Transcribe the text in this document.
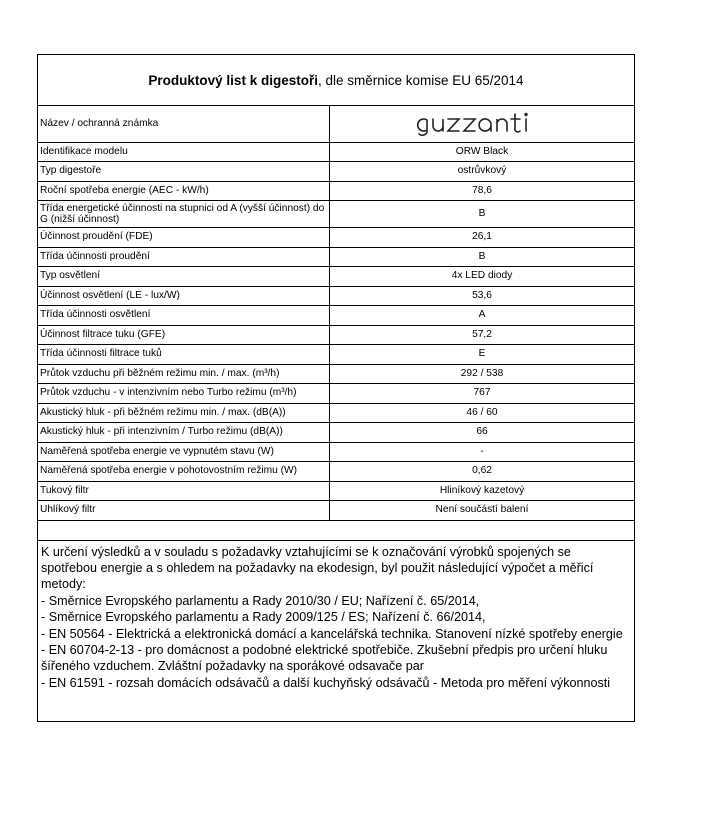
Produktový list k digestoři, dle směrnice komise EU 65/2014
Název / ochranná známka	

Identifikace modelu	ORW Black
Typ digestoře	ostrůvkový
Roční spotřeba energie (AEC - kW/h)	78,6
Třída energetické účinnosti na stupnici od A (vyšší účinnost) do G (nižší účinnost)	B
Účinnost proudění (FDE)	26,1
Třída účinnosti proudění	B
Typ osvětlení	4x LED diody
Účinnost osvětlení (LE - lux/W)	53,6
Třída účinnosti osvětlení	A
Účinnost filtrace tuku (GFE)	57,2
Třída účinnosti filtrace tuků	E
Průtok vzduchu při běžném režimu min. / max. (m³/h)	292 / 538
Průtok vzduchu - v intenzivním nebo Turbo režimu (m³/h)	767
Akustický hluk - při běžném režimu min. / max. (dB(A))	46 / 60
Akustický hluk - při intenzivním / Turbo režimu (dB(A))	66
Naměřená spotřeba energie ve vypnutém stavu (W)	-
Naměřená spotřeba energie v pohotovostním režimu (W)	0,62
Tukový filtr	Hliníkový kazetový
Uhlíkový filtr	Není součástí balení

K určení výsledků a v souladu s požadavky vztahujícími se k označování výrobků spojených se spotřebou energie a s ohledem na požadavky na ekodesign, byl použit následující výpočet a měřicí metody:
- Směrnice Evropského parlamentu a Rady 2010/30 / EU; Nařízení č. 65/2014,
- Směrnice Evropského parlamentu a Rady 2009/125 / ES; Nařízení č. 66/2014,
- EN 50564 - Elektrická a elektronická domácí a kancelářská technika. Stanovení nízké spotřeby energie
- EN 60704-2-13 - pro domácnost a podobné elektrické spotřebiče. Zkušební předpis pro určení hluku šířeného vzduchem. Zvláštní požadavky na sporákové odsavače par
- EN 61591 - rozsah domácích odsávačů a další kuchyňský odsávačů - Metoda pro měření výkonnosti
